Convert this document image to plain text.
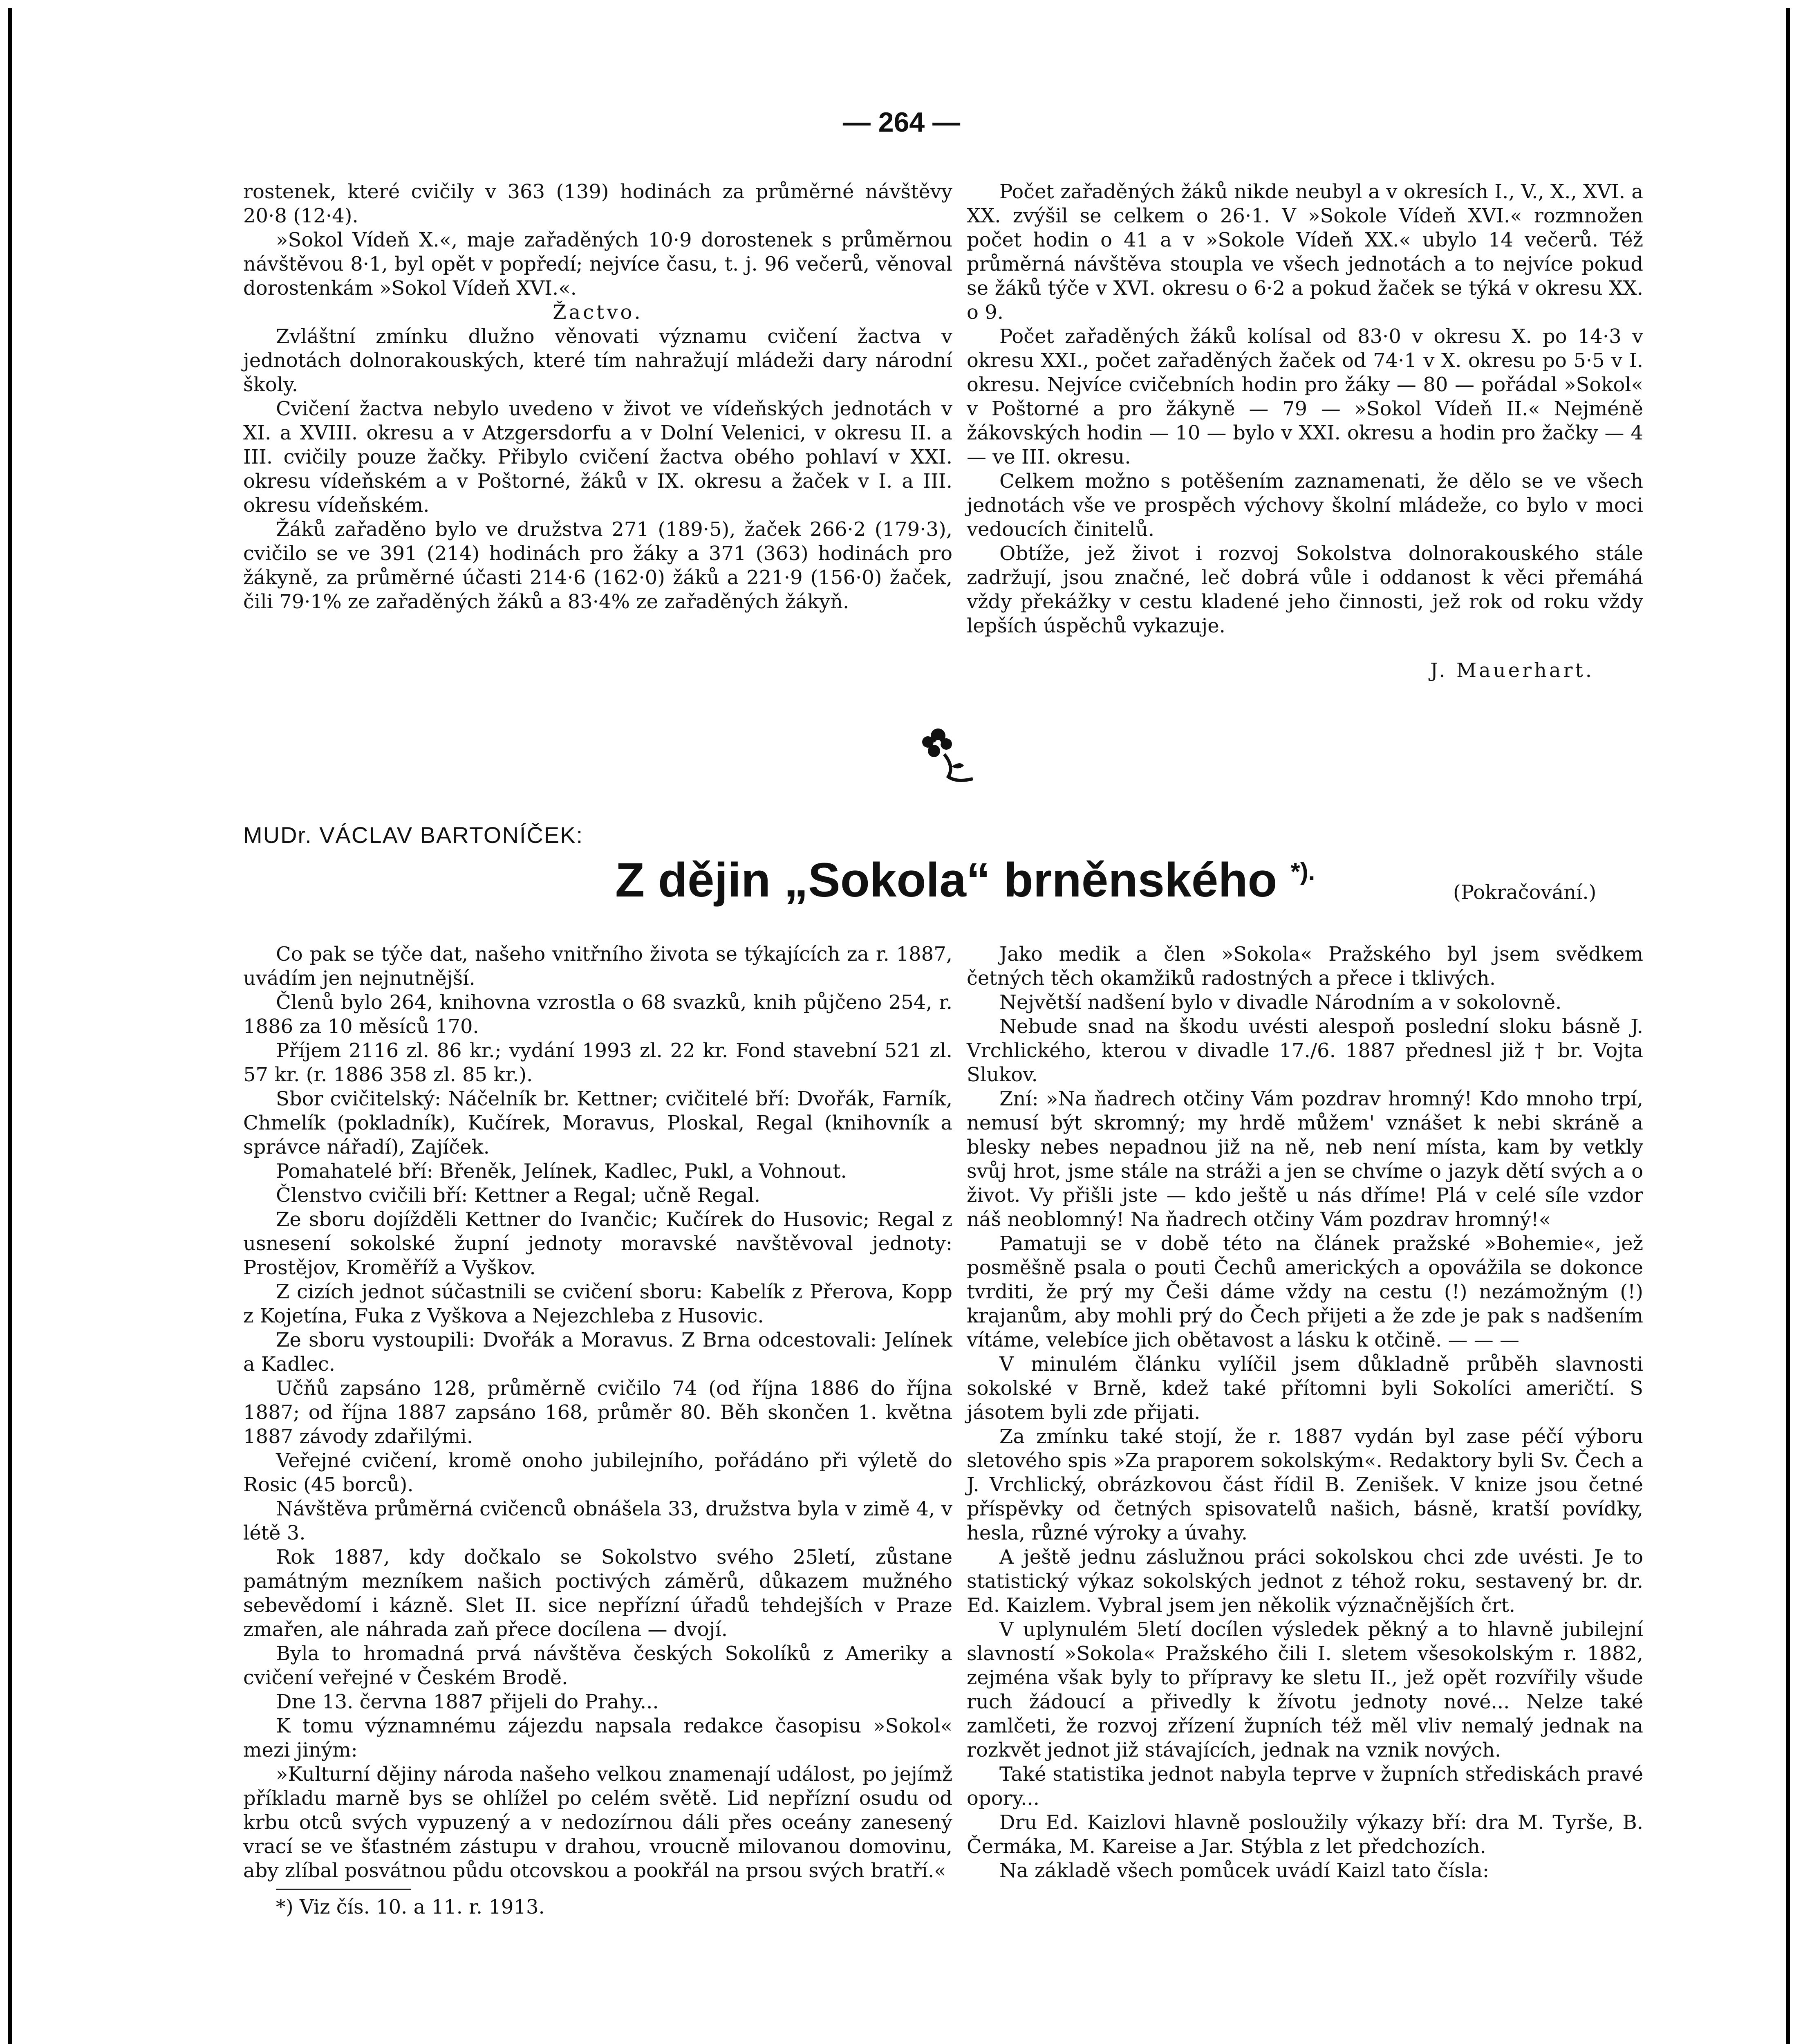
— 264 —

rostenek, které cvičily v 363 (139) hodinách za průměrné návštěvy 20·8 (12·4).

»Sokol Vídeň X.«, maje zařaděných 10·9 dorostenek s průměrnou návštěvou 8·1, byl opět v popředí; nejvíce času, t. j. 96 večerů, věnoval dorostenkám »Sokol Vídeň XVI.«.

Žactvo.

Zvláštní zmínku dlužno věnovati významu cvičení žactva v jednotách dolnorakouských, které tím nahražují mládeži dary národní školy.

Cvičení žactva nebylo uvedeno v život ve vídeňských jednotách v XI. a XVIII. okresu a v Atzgersdorfu a v Dolní Velenici, v okresu II. a III. cvičily pouze žačky. Přibylo cvičení žactva obého pohlaví v XXI. okresu vídeňském a v Poštorné, žáků v IX. okresu a žaček v I. a III. okresu vídeňském.

Žáků zařaděno bylo ve družstva 271 (189·5), žaček 266·2 (179·3), cvičilo se ve 391 (214) hodinách pro žáky a 371 (363) hodinách pro žákyně, za průměrné účasti 214·6 (162·0) žáků a 221·9 (156·0) žaček, čili 79·1% ze zařaděných žáků a 83·4% ze zařaděných žákyň.

Počet zařaděných žáků nikde neubyl a v okresích I., V., X., XVI. a XX. zvýšil se celkem o 26·1. V »Sokole Vídeň XVI.« rozmnožen počet hodin o 41 a v »Sokole Vídeň XX.« ubylo 14 večerů. Též průměrná návštěva stoupla ve všech jednotách a to nejvíce pokud se žáků týče v XVI. okresu o 6·2 a pokud žaček se týká v okresu XX. o 9.

Počet zařaděných žáků kolísal od 83·0 v okresu X. po 14·3 v okresu XXI., počet zařaděných žaček od 74·1 v X. okresu po 5·5 v I. okresu. Nejvíce cvičebních hodin pro žáky — 80 — pořádal »Sokol« v Poštorné a pro žákyně — 79 — »Sokol Vídeň II.« Nejméně žákovských hodin — 10 — bylo v XXI. okresu a hodin pro žačky — 4 — ve III. okresu.

Celkem možno s potěšením zaznamenati, že dělo se ve všech jednotách vše ve prospěch výchovy školní mládeže, co bylo v moci vedoucích činitelů.

Obtíže, jež život i rozvoj Sokolstva dolnorakouského stále zadržují, jsou značné, leč dobrá vůle i oddanost k věci přemáhá vždy překážky v cestu kladené jeho činnosti, jež rok od roku vždy lepších úspěchů vykazuje.

J. Mauerhart.

MUDr. VÁCLAV BARTONÍČEK:
Z dějin „Sokola“ brněnského *).
(Pokračování.)

Co pak se týče dat, našeho vnitřního života se týkajících za r. 1887, uvádím jen nejnutnější.

Členů bylo 264, knihovna vzrostla o 68 svazků, knih půjčeno 254, r. 1886 za 10 měsíců 170.

Příjem 2116 zl. 86 kr.; vydání 1993 zl. 22 kr. Fond stavební 521 zl. 57 kr. (r. 1886 358 zl. 85 kr.).

Sbor cvičitelský: Náčelník br. Kettner; cvičitelé bří: Dvořák, Farník, Chmelík (pokladník), Kučírek, Moravus, Ploskal, Regal (knihovník a správce nářadí), Zajíček.

Pomahatelé bří: Břeněk, Jelínek, Kadlec, Pukl, a Vohnout.

Členstvo cvičili bří: Kettner a Regal; učně Regal.

Ze sboru dojížděli Kettner do Ivančic; Kučírek do Husovic; Regal z usnesení sokolské župní jednoty moravské navštěvoval jednoty: Prostějov, Kroměříž a Vyškov.

Z cizích jednot súčastnili se cvičení sboru: Kabelík z Přerova, Kopp z Kojetína, Fuka z Vyškova a Nejezchleba z Husovic.

Ze sboru vystoupili: Dvořák a Moravus. Z Brna odcestovali: Jelínek a Kadlec.

Učňů zapsáno 128, průměrně cvičilo 74 (od října 1886 do října 1887; od října 1887 zapsáno 168, průměr 80. Běh skončen 1. května 1887 závody zdařilými.

Veřejné cvičení, kromě onoho jubilejního, pořádáno při výletě do Rosic (45 borců).

Návštěva průměrná cvičenců obnášela 33, družstva byla v zimě 4, v létě 3.

Rok 1887, kdy dočkalo se Sokolstvo svého 25letí, zůstane památným mezníkem našich poctivých záměrů, důkazem mužného sebevědomí i kázně. Slet II. sice nepřízní úřadů tehdejších v Praze zmařen, ale náhrada zaň přece docílena — dvojí.

Byla to hromadná prvá návštěva českých Sokolíků z Ameriky a cvičení veřejné v Českém Brodě.

Dne 13. června 1887 přijeli do Prahy...

K tomu významnému zájezdu napsala redakce časopisu »Sokol« mezi jiným:

»Kulturní dějiny národa našeho velkou znamenají událost, po jejímž příkladu marně bys se ohlížel po celém světě. Lid nepřízní osudu od krbu otců svých vypuzený a v nedozírnou dáli přes oceány zanesený vrací se ve šťastném zástupu v drahou, vroucně milovanou domovinu, aby zlíbal posvátnou půdu otcovskou a pookřál na prsou svých bratří.«

*) Viz čís. 10. a 11. r. 1913.

Jako medik a člen »Sokola« Pražského byl jsem svědkem četných těch okamžiků radostných a přece i tklivých.

Největší nadšení bylo v divadle Národním a v sokolovně.

Nebude snad na škodu uvésti alespoň poslední sloku básně J. Vrchlického, kterou v divadle 17./6. 1887 přednesl již † br. Vojta Slukov.

Zní: »Na ňadrech otčiny Vám pozdrav hromný! Kdo mnoho trpí, nemusí být skromný; my hrdě můžem' vznášet k nebi skráně a blesky nebes nepadnou již na ně, neb není místa, kam by vetkly svůj hrot, jsme stále na stráži a jen se chvíme o jazyk dětí svých a o život. Vy přišli jste — kdo ještě u nás dříme! Plá v celé síle vzdor náš neoblomný! Na ňadrech otčiny Vám pozdrav hromný!«

Pamatuji se v době této na článek pražské »Bohemie«, jež posměšně psala o pouti Čechů amerických a opovážila se dokonce tvrditi, že prý my Češi dáme vždy na cestu (!) nezámožným (!) krajanům, aby mohli prý do Čech přijeti a že zde je pak s nadšením vítáme, velebíce jich obětavost a lásku k otčině. — — —

V minulém článku vylíčil jsem důkladně průběh slavnosti sokolské v Brně, kdež také přítomni byli Sokolíci američtí. S jásotem byli zde přijati.

Za zmínku také stojí, že r. 1887 vydán byl zase péčí výboru sletového spis »Za praporem sokolským«. Redaktory byli Sv. Čech a J. Vrchlický, obrázkovou část řídil B. Zenišek. V knize jsou četné příspěvky od četných spisovatelů našich, básně, kratší povídky, hesla, různé výroky a úvahy.

A ještě jednu záslužnou práci sokolskou chci zde uvésti. Je to statistický výkaz sokolských jednot z téhož roku, sestavený br. dr. Ed. Kaizlem. Vybral jsem jen několik význačnějších črt.

V uplynulém 5letí docílen výsledek pěkný a to hlavně jubilejní slavností »Sokola« Pražského čili I. sletem všesokolským r. 1882, zejména však byly to přípravy ke sletu II., jež opět rozvířily všude ruch žádoucí a přivedly k žívotu jednoty nové... Nelze také zamlčeti, že rozvoj zřízení župních též měl vliv nemalý jednak na rozkvět jednot již stávajících, jednak na vznik nových.

Také statistika jednot nabyla teprve v župních střediskách pravé opory...

Dru Ed. Kaizlovi hlavně posloužily výkazy bří: dra M. Tyrše, B. Čermáka, M. Kareise a Jar. Stýbla z let předchozích.

Na základě všech pomůcek uvádí Kaizl tato čísla:
